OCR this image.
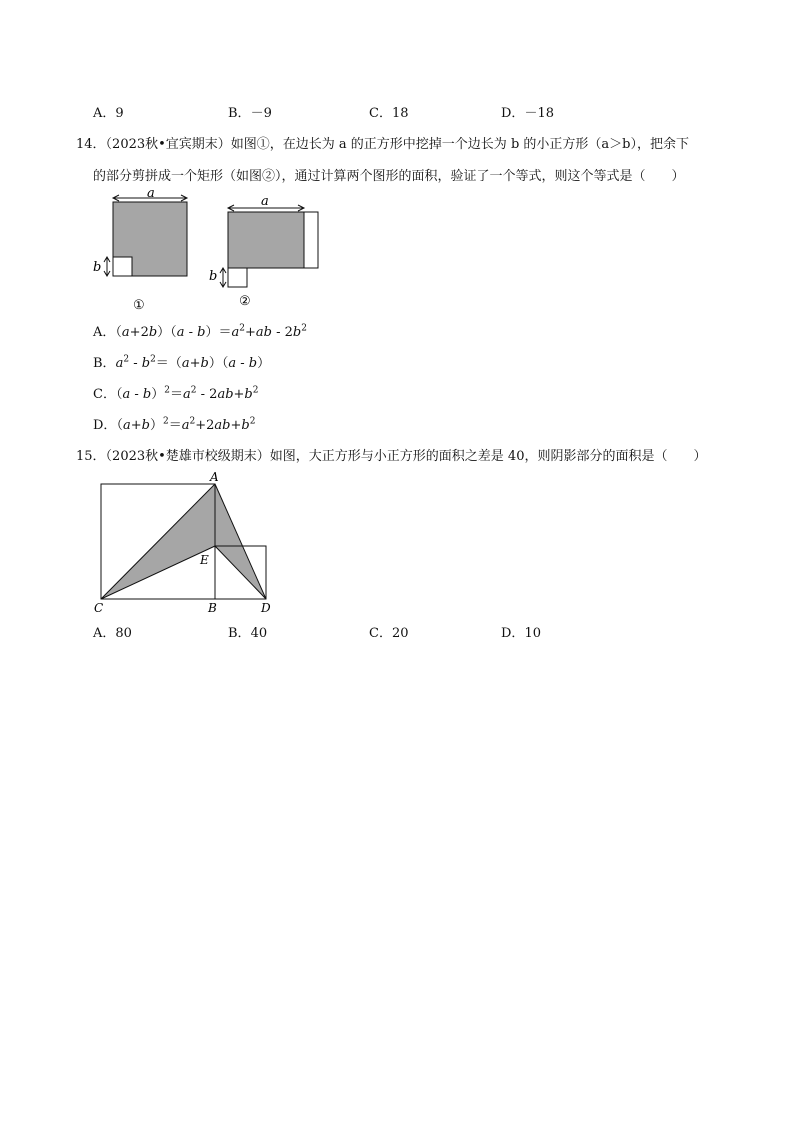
A．9	B．－9	C．18	D．－18
14．（2023秋•宜宾期末）如图①，在边长为 a 的正方形中挖掉一个边长为 b 的小正方形（a＞b），把余下
的部分剪拼成一个矩形（如图②），通过计算两个图形的面积，验证了一个等式，则这个等式是（　　）
a
b
①
a
b
②
A．$(a+2b)(a - b)=a^2+ab - 2b^2$
B．$a^2 - b^2=(a+b)(a - b)$
C．$(a - b)^2=a^2 - 2ab+b^2$
D．$(a+b)^2=a^2+2ab+b^2$
15．（2023秋•楚雄市校级期末）如图，大正方形与小正方形的面积之差是 40，则阴影部分的面积是（　　）
A
E
C	B	D
A．80	B．40	C．20	D．10
